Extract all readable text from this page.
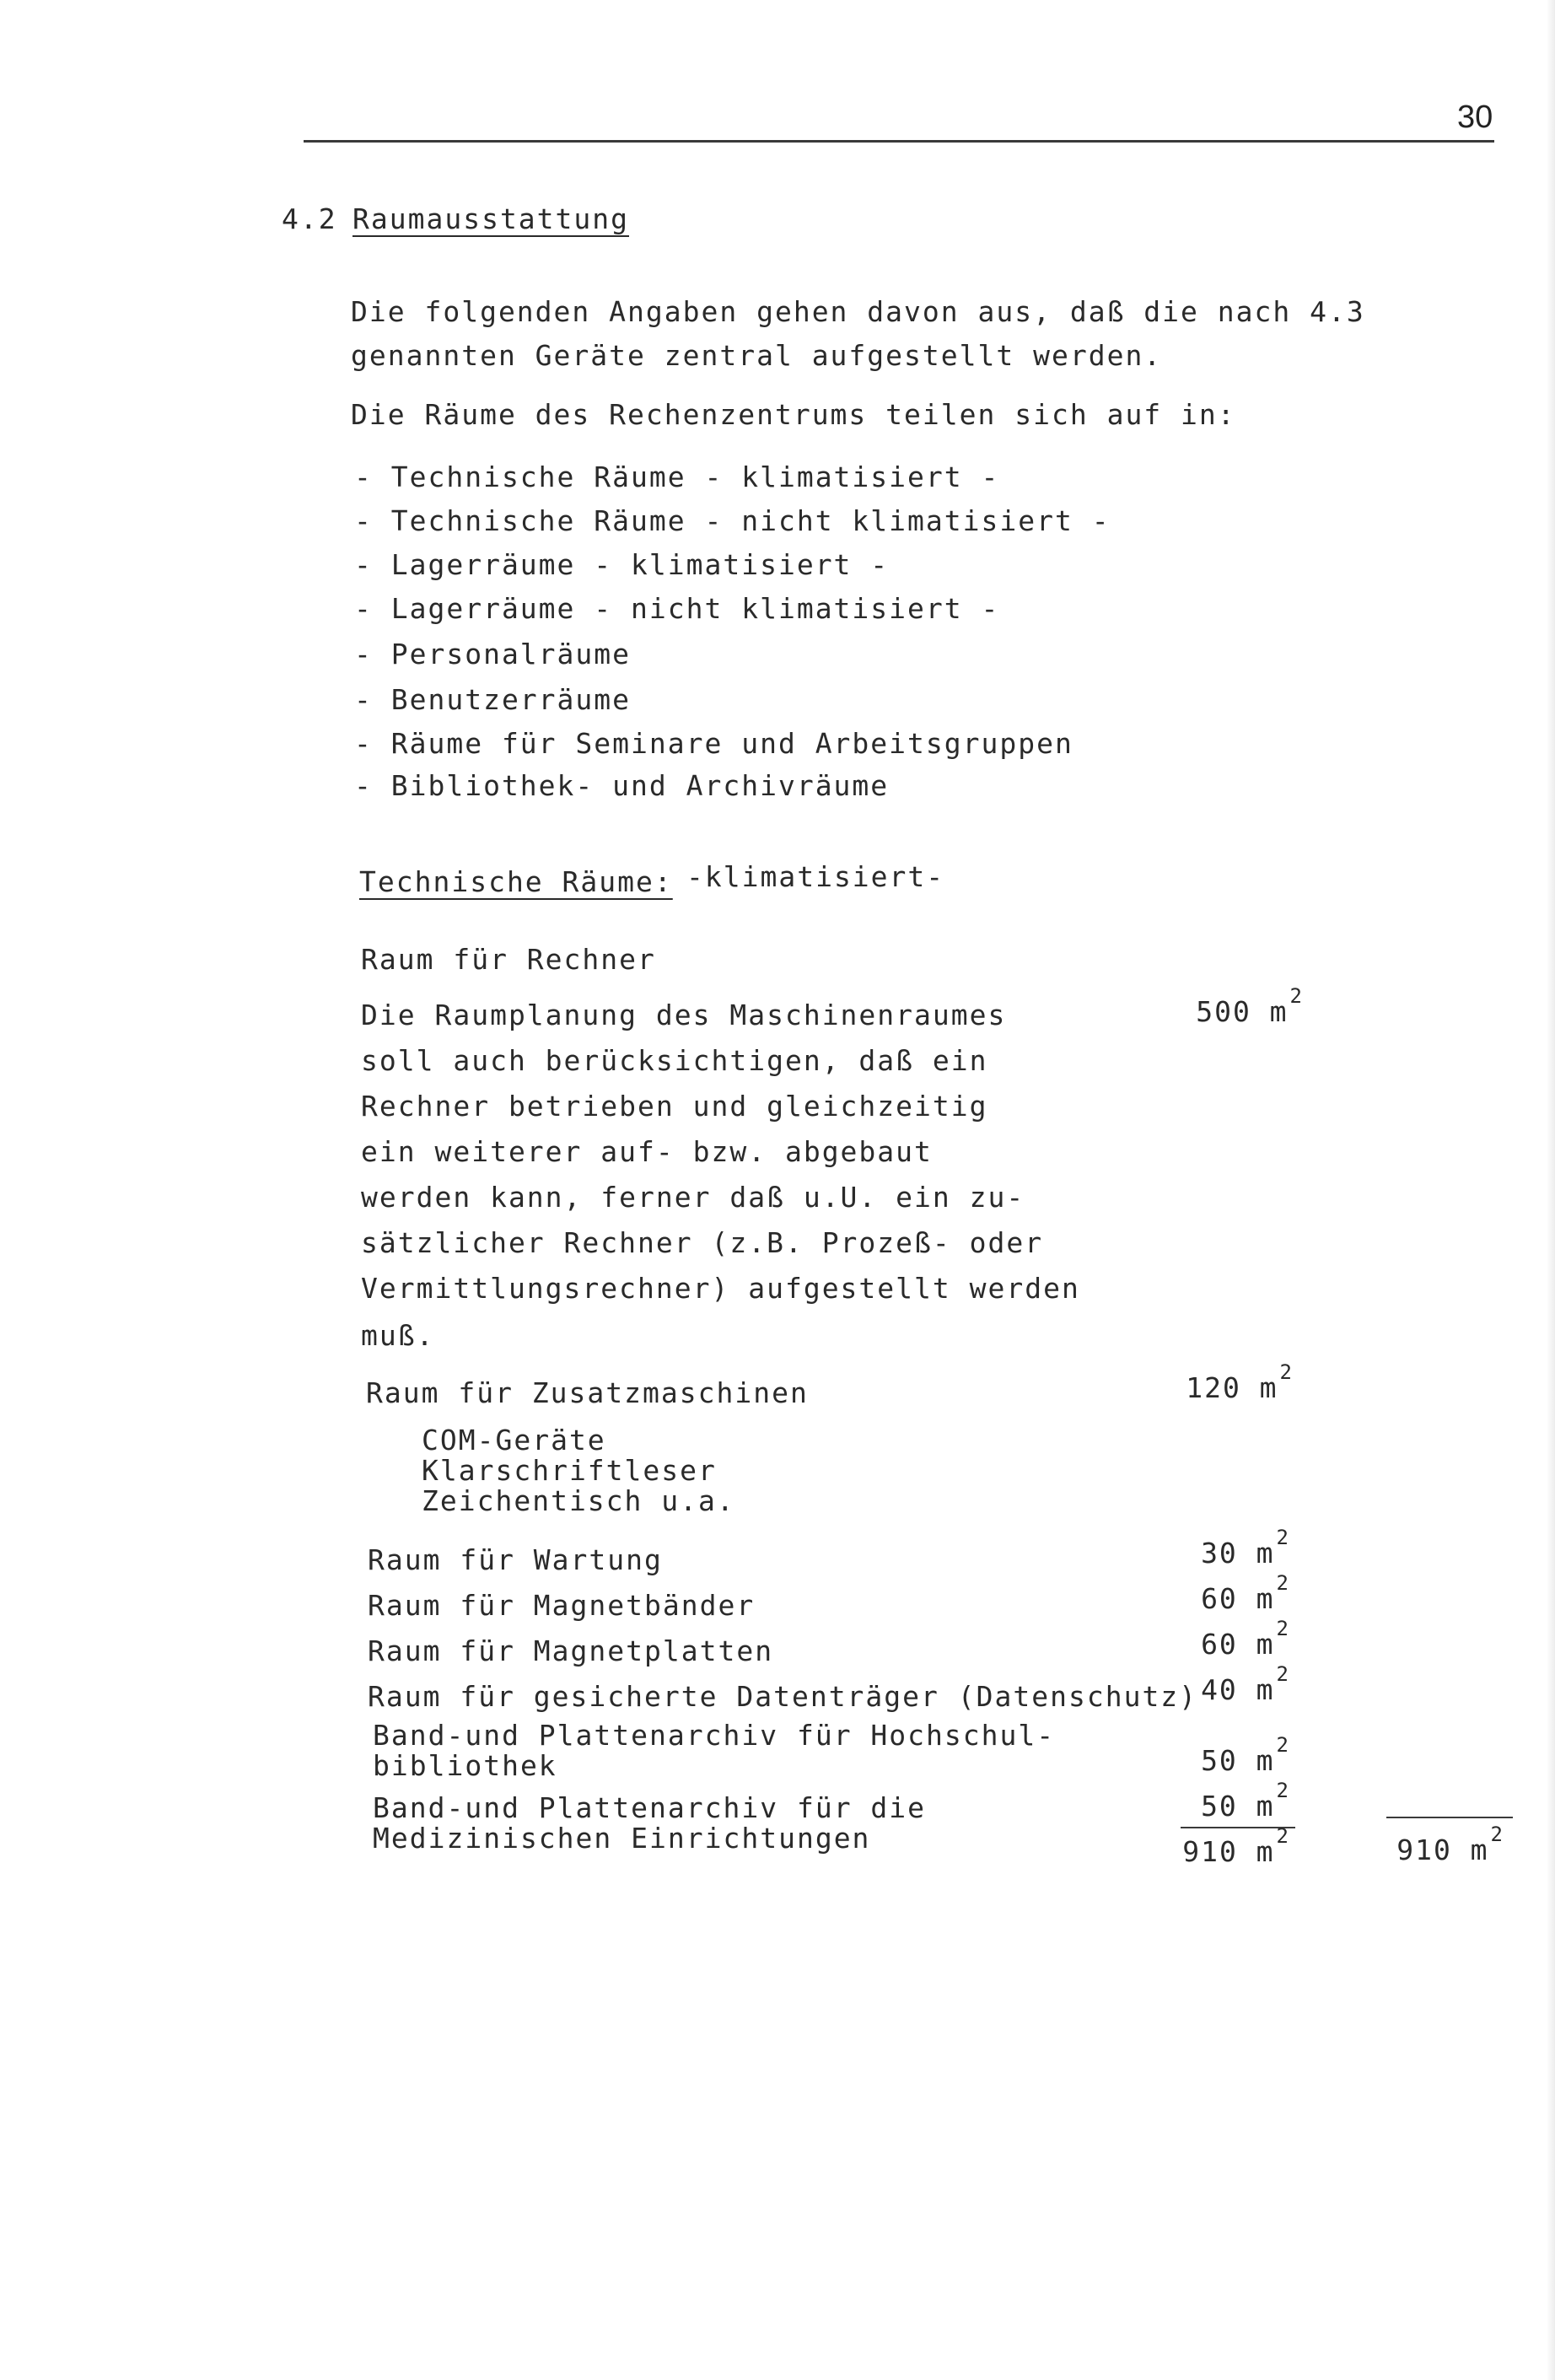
30
4.2 Raumausstattung
Die folgenden Angaben gehen davon aus, daß die nach 4.3
genannten Geräte zentral aufgestellt werden.
Die Räume des Rechenzentrums teilen sich auf in:
- Technische Räume - klimatisiert -
- Technische Räume - nicht klimatisiert -
- Lagerräume - klimatisiert -
- Lagerräume - nicht klimatisiert -
- Personalräume
- Benutzerräume
- Räume für Seminare und Arbeitsgruppen
- Bibliothek- und Archivräume
Technische Räume: -klimatisiert-
Raum für Rechner
Die Raumplanung des Maschinenraumes
soll auch berücksichtigen, daß ein
Rechner betrieben und gleichzeitig
ein weiterer auf- bzw. abgebaut
werden kann, ferner daß u.U. ein zu-
sätzlicher Rechner (z.B. Prozeß- oder
Vermittlungsrechner) aufgestellt werden
muß.
500 $m^2$
Raum für Zusatzmaschinen	120 $m^2$
COM-Geräte
Klarschriftleser
Zeichentisch u.a.
Raum für Wartung	30 $m^2$
Raum für Magnetbänder	60 $m^2$
Raum für Magnetplatten	60 $m^2$
Raum für gesicherte Datenträger (Datenschutz) 40 $m^2$
Band-und Plattenarchiv für Hochschul-
bibliothek	50 $m^2$
Band-und Plattenarchiv für die
Medizinischen Einrichtungen
50 $m^2$
910 $m^2$	910 $m^2$
